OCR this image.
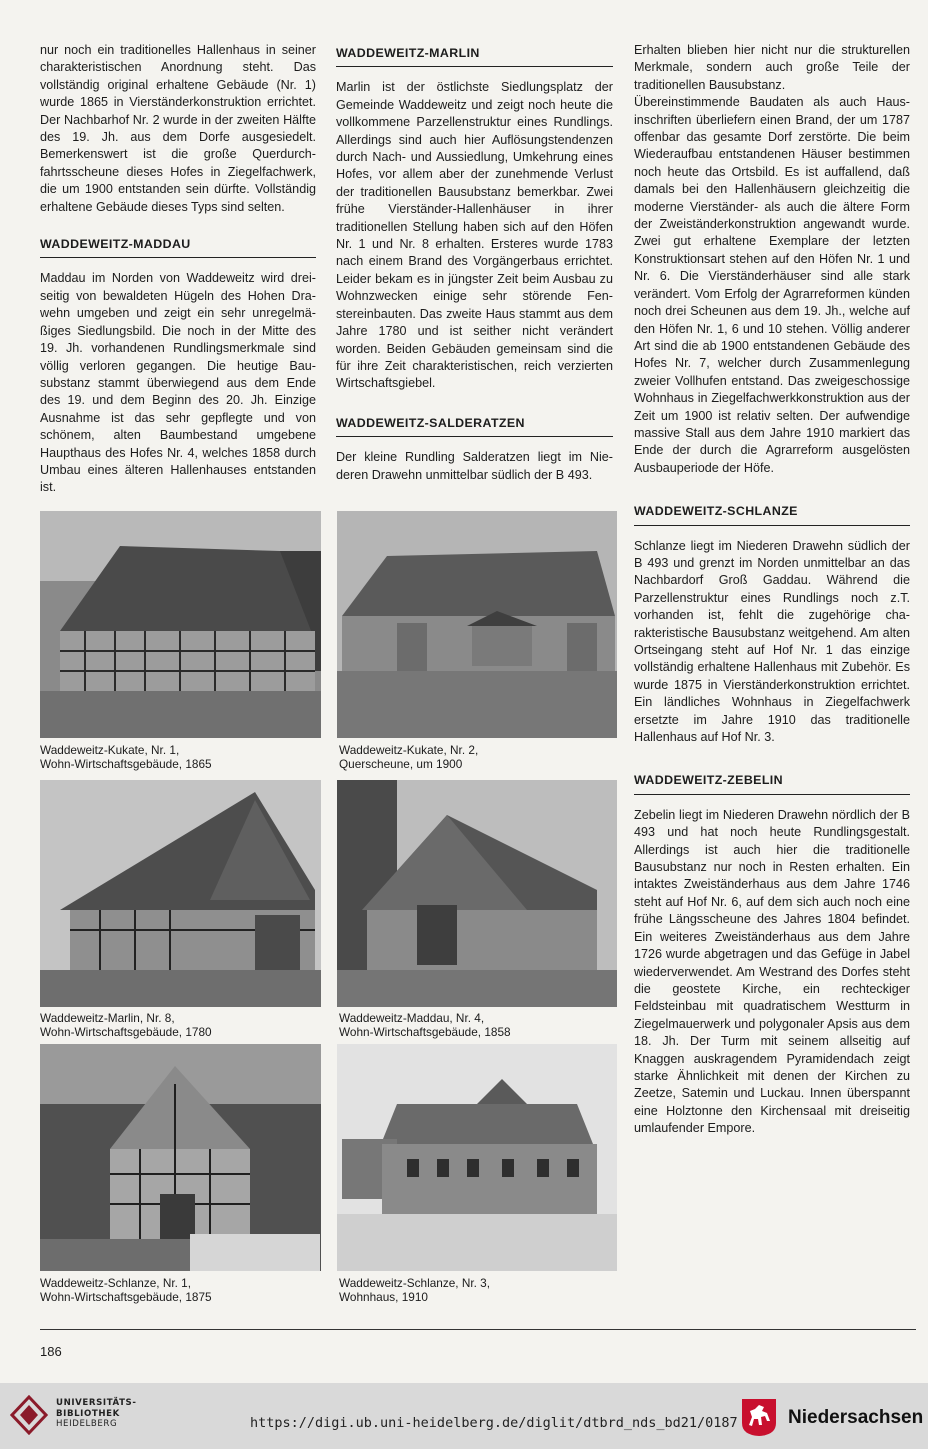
nur noch ein traditionelles Hallenhaus in seiner charakteristischen Anordnung steht. Das vollständig original erhaltene Gebäude (Nr. 1) wurde 1865 in Vierständerkonstruktion errichtet. Der Nachbarhof Nr. 2 wurde in der zweiten Hälfte des 19. Jh. aus dem Dorfe ausgesiedelt. Bemerkenswert ist die große Querdurchfahrtsscheune dieses Hofes in Ziegelfachwerk, die um 1900 entstanden sein dürfte. Vollständig erhaltene Gebäude dieses Typs sind selten.

WADDEWEITZ-MADDAU

Maddau im Norden von Waddeweitz wird dreiseitig von bewaldeten Hügeln des Hohen Drawehn umgeben und zeigt ein sehr unregelmäßiges Siedlungsbild. Die noch in der Mitte des 19. Jh. vorhandenen Rundlingsmerkmale sind völlig verloren gegangen. Die heutige Bausubstanz stammt überwiegend aus dem Ende des 19. und dem Beginn des 20. Jh. Einzige Ausnahme ist das sehr gepflegte und von schönem, alten Baumbestand umgebene Haupthaus des Hofes Nr. 4, welches 1858 durch Umbau eines älteren Hallenhauses entstanden ist.

WADDEWEITZ-MARLIN

Marlin ist der östlichste Siedlungsplatz der Gemeinde Waddeweitz und zeigt noch heute die vollkommene Parzellenstruktur eines Rundlings. Allerdings sind auch hier Auflösungstendenzen durch Nach- und Aussiedlung, Umkehrung eines Hofes, vor allem aber der zunehmende Verlust der traditionellen Bausubstanz bemerkbar. Zwei frühe Vierständer-Hallenhäuser in ihrer traditionellen Stellung haben sich auf den Höfen Nr. 1 und Nr. 8 erhalten. Ersteres wurde 1783 nach einem Brand des Vorgängerbaus errichtet. Leider bekam es in jüngster Zeit beim Ausbau zu Wohnzwecken einige sehr störende Fenstereinbauten. Das zweite Haus stammt aus dem Jahre 1780 und ist seither nicht verändert worden. Beiden Gebäuden gemeinsam sind die für ihre Zeit charakteristischen, reich verzierten Wirtschaftsgiebel.

WADDEWEITZ-SALDERATZEN

Der kleine Rundling Salderatzen liegt im Niederen Drawehn unmittelbar südlich der B 493.

Erhalten blieben hier nicht nur die strukturellen Merkmale, sondern auch große Teile der traditionellen Bausubstanz.

Übereinstimmende Baudaten als auch Hausinschriften überliefern einen Brand, der um 1787 offenbar das gesamte Dorf zerstörte. Die beim Wiederaufbau entstandenen Häuser bestimmen noch heute das Ortsbild. Es ist auffallend, daß damals bei den Hallenhäusern gleichzeitig die moderne Vierständer- als auch die ältere Form der Zweiständerkonstruktion angewandt wurde. Zwei gut erhaltene Exemplare der letzten Konstruktionsart stehen auf den Höfen Nr. 1 und Nr. 6. Die Vierständerhäuser sind alle stark verändert. Vom Erfolg der Agrarreformen künden noch drei Scheunen aus dem 19. Jh., welche auf den Höfen Nr. 1, 6 und 10 stehen. Völlig anderer Art sind die ab 1900 entstandenen Gebäude des Hofes Nr. 7, welcher durch Zusammenlegung zweier Vollhufen entstand. Das zweigeschossige Wohnhaus in Ziegelfachwerkkonstruktion aus der Zeit um 1900 ist relativ selten. Der aufwendige massive Stall aus dem Jahre 1910 markiert das Ende der durch die Agrarreform ausgelösten Ausbauperiode der Höfe.

WADDEWEITZ-SCHLANZE

Schlanze liegt im Niederen Drawehn südlich der B 493 und grenzt im Norden unmittelbar an das Nachbardorf Groß Gaddau. Während die Parzellenstruktur eines Rundlings noch z.T. vorhanden ist, fehlt die zugehörige charakteristische Bausubstanz weitgehend. Am alten Ortseingang steht auf Hof Nr. 1 das einzige vollständig erhaltene Hallenhaus mit Zubehör. Es wurde 1875 in Vierständerkonstruktion errichtet. Ein ländliches Wohnhaus in Ziegelfachwerk ersetzte im Jahre 1910 das traditionelle Hallenhaus auf Hof Nr. 3.

WADDEWEITZ-ZEBELIN

Zebelin liegt im Niederen Drawehn nördlich der B 493 und hat noch heute Rundlingsgestalt. Allerdings ist auch hier die traditionelle Bausubstanz nur noch in Resten erhalten. Ein intaktes Zweiständerhaus aus dem Jahre 1746 steht auf Hof Nr. 6, auf dem sich auch noch eine frühe Längsscheune des Jahres 1804 befindet. Ein weiteres Zweiständerhaus aus dem Jahre 1726 wurde abgetragen und das Gefüge in Jabel wiederverwendet. Am Westrand des Dorfes steht die geostete Kirche, ein rechteckiger Feldsteinbau mit quadratischem Westturm in Ziegelmauerwerk und polygonaler Apsis aus dem 18. Jh. Der Turm mit seinem allseitig auf Knaggen auskragendem Pyramidendach zeigt starke Ähnlichkeit mit denen der Kirchen zu Zeetze, Satemin und Luckau. Innen überspannt eine Holztonne den Kirchensaal mit dreiseitig umlaufender Empore.

Waddeweitz-Kukate, Nr. 1,
Wohn-Wirtschaftsgebäude, 1865
Waddeweitz-Kukate, Nr. 2,
Querscheune, um 1900
Waddeweitz-Marlin, Nr. 8,
Wohn-Wirtschaftsgebäude, 1780
Waddeweitz-Maddau, Nr. 4,
Wohn-Wirtschaftsgebäude, 1858
Waddeweitz-Schlanze, Nr. 1,
Wohn-Wirtschaftsgebäude, 1875
Waddeweitz-Schlanze, Nr. 3,
Wohnhaus, 1910
186
UNIVERSITÄTS-
BIBLIOTHEK
HEIDELBERG	https://digi.ub.uni-heidelberg.de/diglit/dtbrd_nds_bd21/0187	Niedersachsen
